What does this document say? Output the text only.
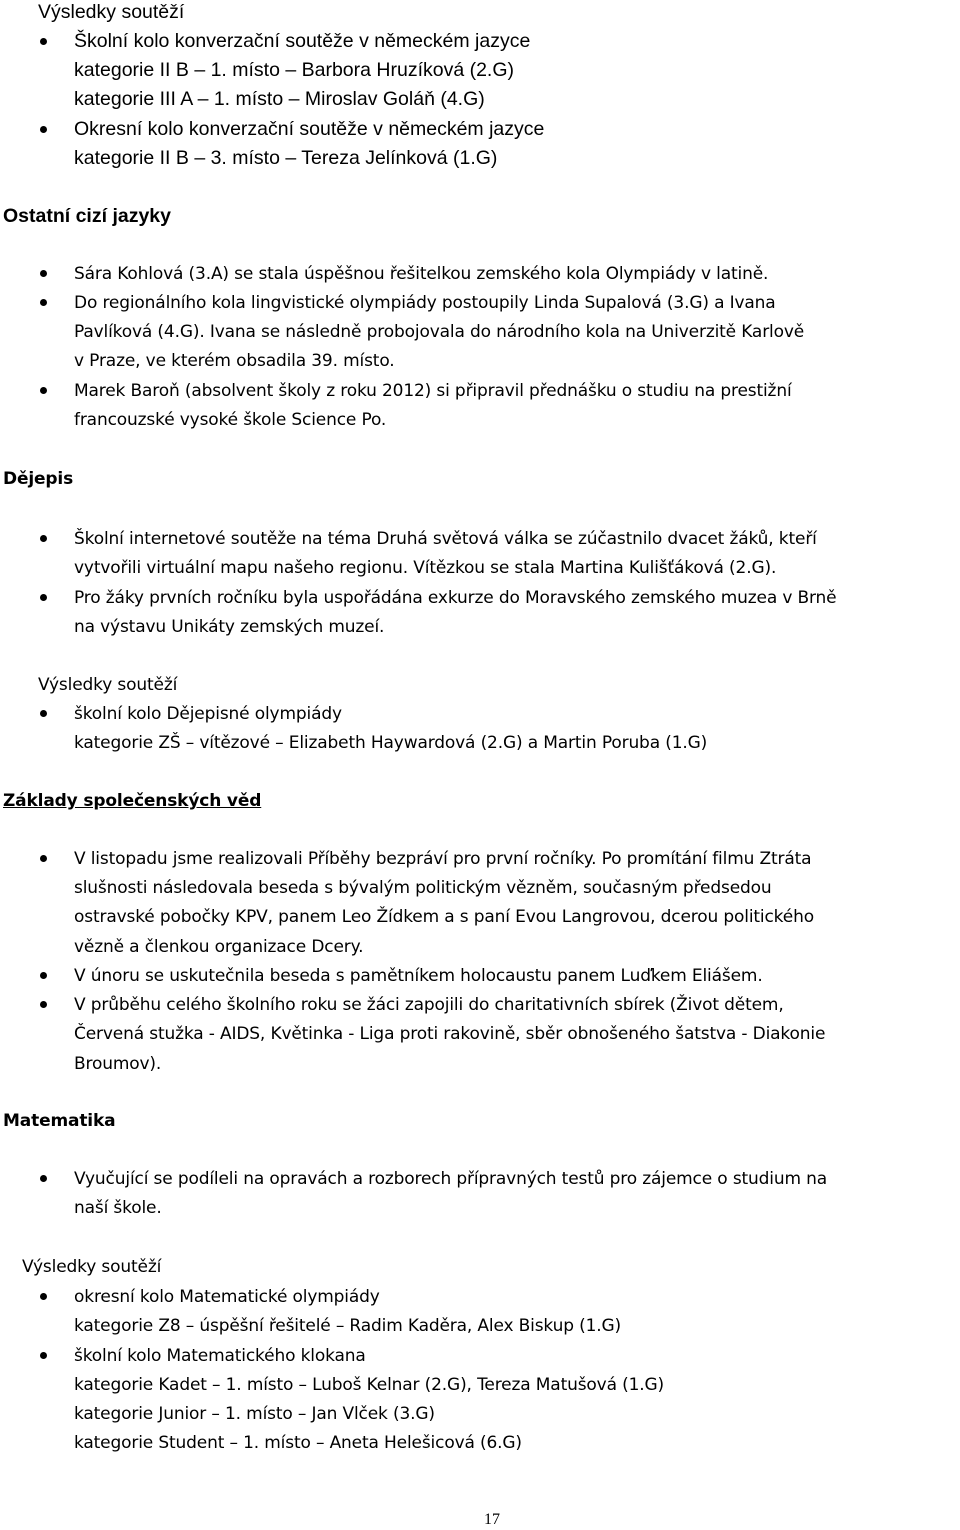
Výsledky soutěží
Školní kolo konverzační soutěže v německém jazyce
kategorie II B – 1. místo – Barbora Hruzíková (2.G)
kategorie III A – 1. místo – Miroslav Goláň (4.G)
Okresní kolo konverzační soutěže v německém jazyce
kategorie II B – 3. místo – Tereza Jelínková (1.G)
Ostatní cizí jazyky
Sára Kohlová (3.A) se stala úspěšnou řešitelkou zemského kola Olympiády v latině.
Do regionálního kola lingvistické olympiády postoupily Linda Supalová (3.G) a Ivana
Pavlíková (4.G). Ivana se následně probojovala do národního kola na Univerzitě Karlově
v Praze, ve kterém obsadila 39. místo.
Marek Baroň (absolvent školy z roku 2012) si připravil přednášku o studiu na prestižní
francouzské vysoké škole Science Po.
Dějepis
Školní internetové soutěže na téma Druhá světová válka se zúčastnilo dvacet žáků, kteří
vytvořili virtuální mapu našeho regionu. Vítězkou se stala Martina Kulišťáková (2.G).
Pro žáky prvních ročníku byla uspořádána exkurze do Moravského zemského muzea v Brně
na výstavu Unikáty zemských muzeí.
Výsledky soutěží
školní kolo Dějepisné olympiády
kategorie ZŠ – vítězové – Elizabeth Haywardová (2.G) a Martin Poruba (1.G)
Základy společenských věd
V listopadu jsme realizovali Příběhy bezpráví pro první ročníky. Po promítání filmu Ztráta
slušnosti následovala beseda s bývalým politickým vězněm, současným předsedou
ostravské pobočky KPV, panem Leo Žídkem a s paní Evou Langrovou, dcerou politického
vězně a členkou organizace Dcery.
V únoru se uskutečnila beseda s pamětníkem holocaustu panem Luďkem Eliášem.
V průběhu celého školního roku se žáci zapojili do charitativních sbírek (Život dětem,
Červená stužka - AIDS, Květinka - Liga proti rakovině, sběr obnošeného šatstva - Diakonie
Broumov).
Matematika
Vyučující se podíleli na opravách a rozborech přípravných testů pro zájemce o studium na
naší škole.
Výsledky soutěží
okresní kolo Matematické olympiády
kategorie Z8 – úspěšní řešitelé – Radim Kaděra, Alex Biskup (1.G)
školní kolo Matematického klokana
kategorie Kadet – 1. místo – Luboš Kelnar (2.G), Tereza Matušová (1.G)
kategorie Junior – 1. místo – Jan Vlček (3.G)
kategorie Student – 1. místo – Aneta Helešicová (6.G)
17
